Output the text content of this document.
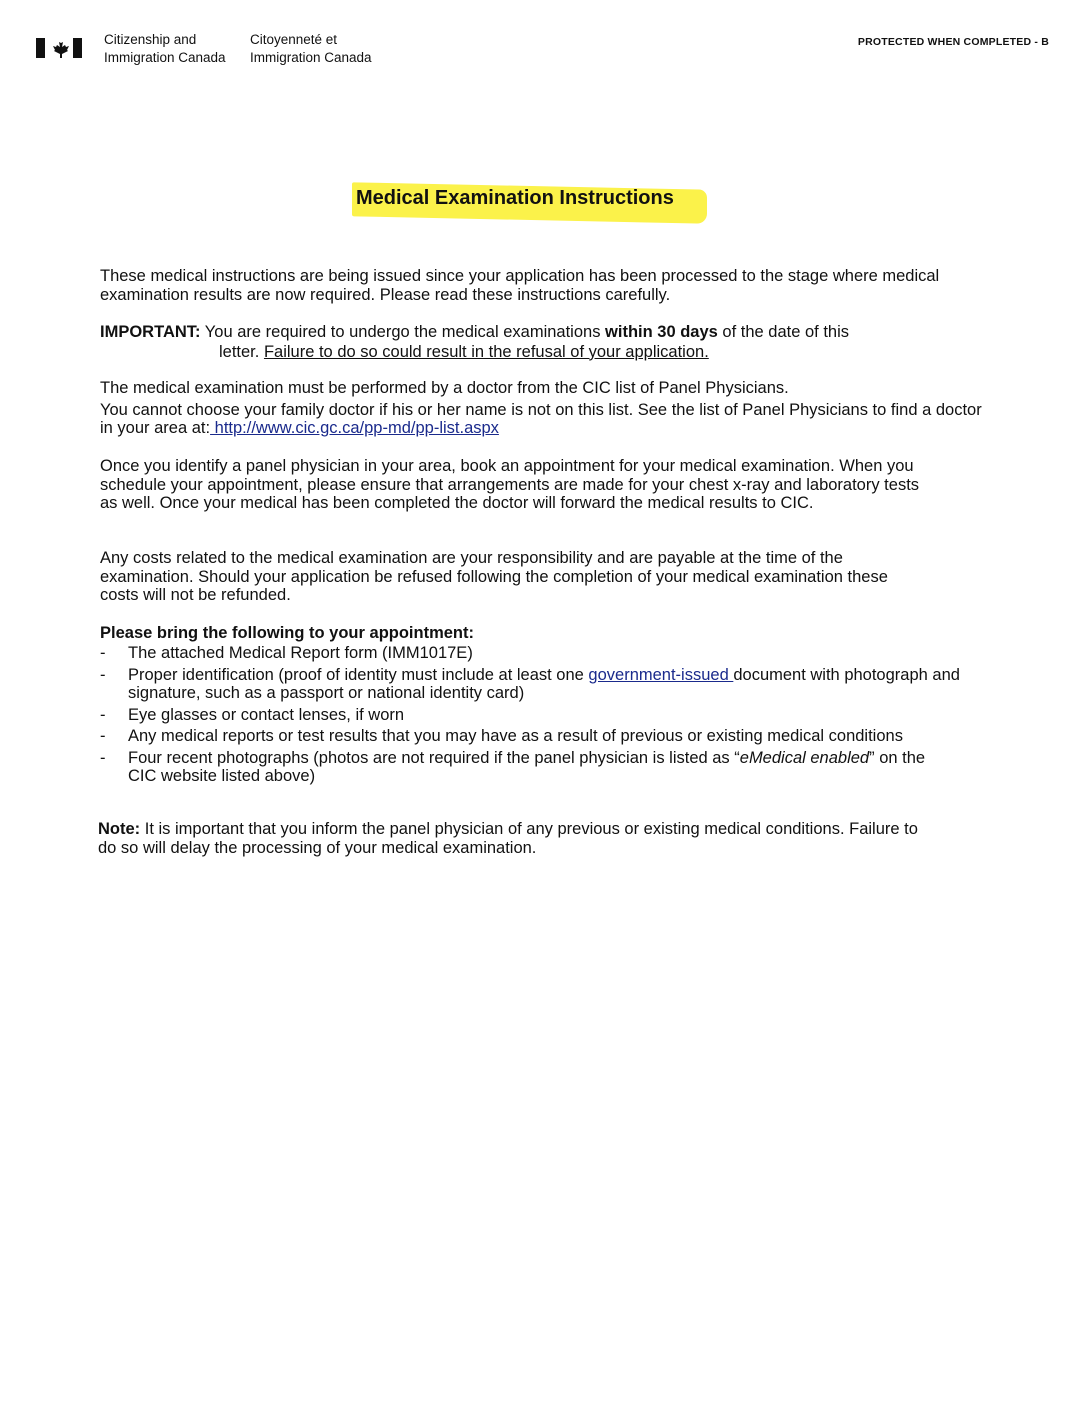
Citizenship and
Immigration Canada
Citoyenneté et
Immigration Canada
PROTECTED WHEN COMPLETED - B
Medical Examination Instructions
These medical instructions are being issued since your application has been processed to the stage where medical examination results are now required. Please read these instructions carefully.
IMPORTANT: You are required to undergo the medical examinations within 30 days of the date of this
letter. Failure to do so could result in the refusal of your application.
The medical examination must be performed by a doctor from the CIC list of Panel Physicians.
You cannot choose your family doctor if his or her name is not on this list. See the list of Panel Physicians to find a doctor in your area at: http://www.cic.gc.ca/pp-md/pp-list.aspx
Once you identify a panel physician in your area, book an appointment for your medical examination. When you schedule your appointment, please ensure that arrangements are made for your chest x-ray and laboratory tests as well. Once your medical has been completed the doctor will forward the medical results to CIC.
Any costs related to the medical examination are your responsibility and are payable at the time of the examination. Should your application be refused following the completion of your medical examination these costs will not be refunded.
Please bring the following to your appointment:
-	The attached Medical Report form (IMM1017E)
-	Proper identification (proof of identity must include at least one government-issued document with photograph and signature, such as a passport or national identity card)
-	Eye glasses or contact lenses, if worn
-	Any medical reports or test results that you may have as a result of previous or existing medical conditions
-	Four recent photographs (photos are not required if the panel physician is listed as “eMedical enabled” on the CIC website listed above)
Note: It is important that you inform the panel physician of any previous or existing medical conditions. Failure to do so will delay the processing of your medical examination.
